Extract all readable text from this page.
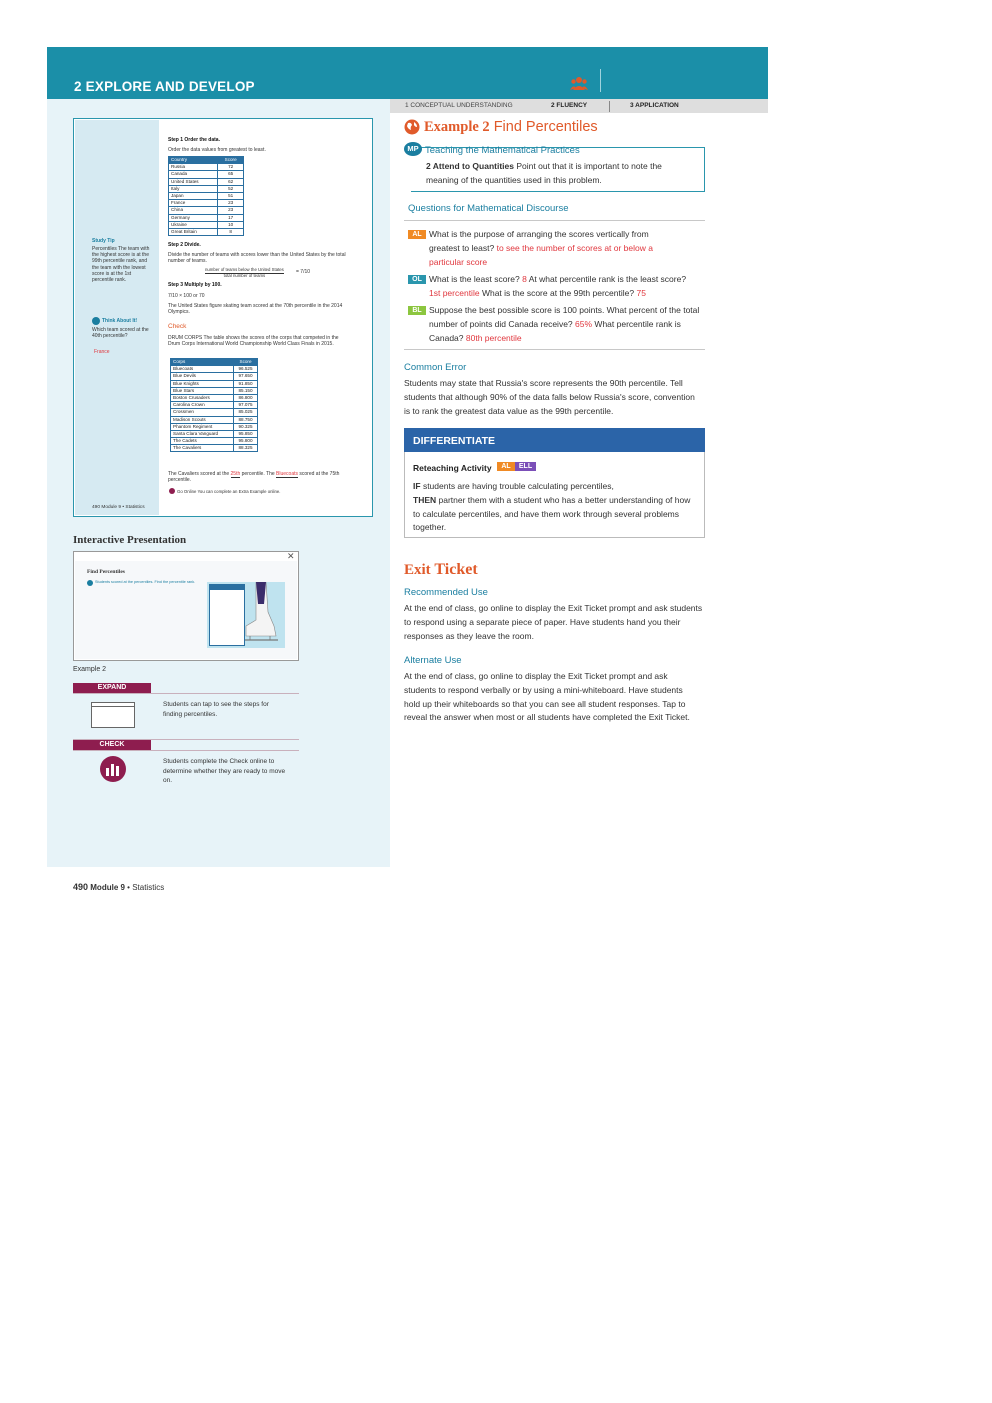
2 EXPLORE AND DEVELOP
Step 1 Order the data.
Order the data values from greatest to least.
Country	Score
Russia	72
Canada	65
United States	62
Italy	52
Japan	51
France	23
China	23
Germany	17
Ukraine	10
Great Britain	8
Study Tip
Percentiles The team with the highest score is at the 99th percentile rank, and the team with the lowest score is at the 1st percentile rank.
Step 2 Divide.
Divide the number of teams with scores lower than the United States by the total number of teams.
number of teams below the United States
total number of teams	= 7/10
Step 3 Multiply by 100.
7/10 × 100 or 70
The United States figure skating team scored at the 70th percentile in the 2014 Olympics.
Think About It!
Which team scored at the 40th percentile?
France
Check
DRUM CORPS The table shows the scores of the corps that competed in the Drum Corps International World Championship World Class Finals in 2015.
Corps	Score
Bluecoats	96.525
Blue Devils	97.650
Blue Knights	91.850
Blue Stars	85.150
Boston Crusaders	86.800
Carolina Crown	97.075
Crossmen	85.025
Madison Scouts	88.750
Phantom Regiment	90.325
Santa Clara Vanguard	95.850
The Cadets	95.800
The Cavaliers	88.325
The Cavaliers scored at the 25th percentile. The Bluecoats scored at the 75th percentile.
Go Online You can complete an Extra Example online.
490 Module 9 • Statistics
Interactive Presentation
✕
Find Percentiles
Students scored at the percentiles. Find the percentile rank.
Example 2
EXPAND
Students can tap to see the steps for finding percentiles.
CHECK
Students complete the Check online to determine whether they are ready to move on.
1 CONCEPTUAL UNDERSTANDING	2 FLUENCY	3 APPLICATION
Example 2 Find Percentiles
MP Teaching the Mathematical Practices
2 Attend to Quantities Point out that it is important to note the meaning of the quantities used in this problem.
Questions for Mathematical Discourse
AL What is the purpose of arranging the scores vertically from greatest to least? to see the number of scores at or below a particular score
OL What is the least score? 8 At what percentile rank is the least score? 1st percentile What is the score at the 99th percentile? 75
BL Suppose the best possible score is 100 points. What percent of the total number of points did Canada receive? 65% What percentile rank is Canada? 80th percentile
Common Error
Students may state that Russia's score represents the 90th percentile. Tell students that although 90% of the data falls below Russia's score, convention is to rank the greatest data value as the 99th percentile.
DIFFERENTIATE
Reteaching Activity	AL	ELL
IF students are having trouble calculating percentiles,
THEN partner them with a student who has a better understanding of how to calculate percentiles, and have them work through several problems together.
Exit Ticket
Recommended Use
At the end of class, go online to display the Exit Ticket prompt and ask students to respond using a separate piece of paper. Have students hand you their responses as they leave the room.
Alternate Use
At the end of class, go online to display the Exit Ticket prompt and ask students to respond verbally or by using a mini-whiteboard. Have students hold up their whiteboards so that you can see all student responses. Tap to reveal the answer when most or all students have completed the Exit Ticket.
490 Module 9 • Statistics
